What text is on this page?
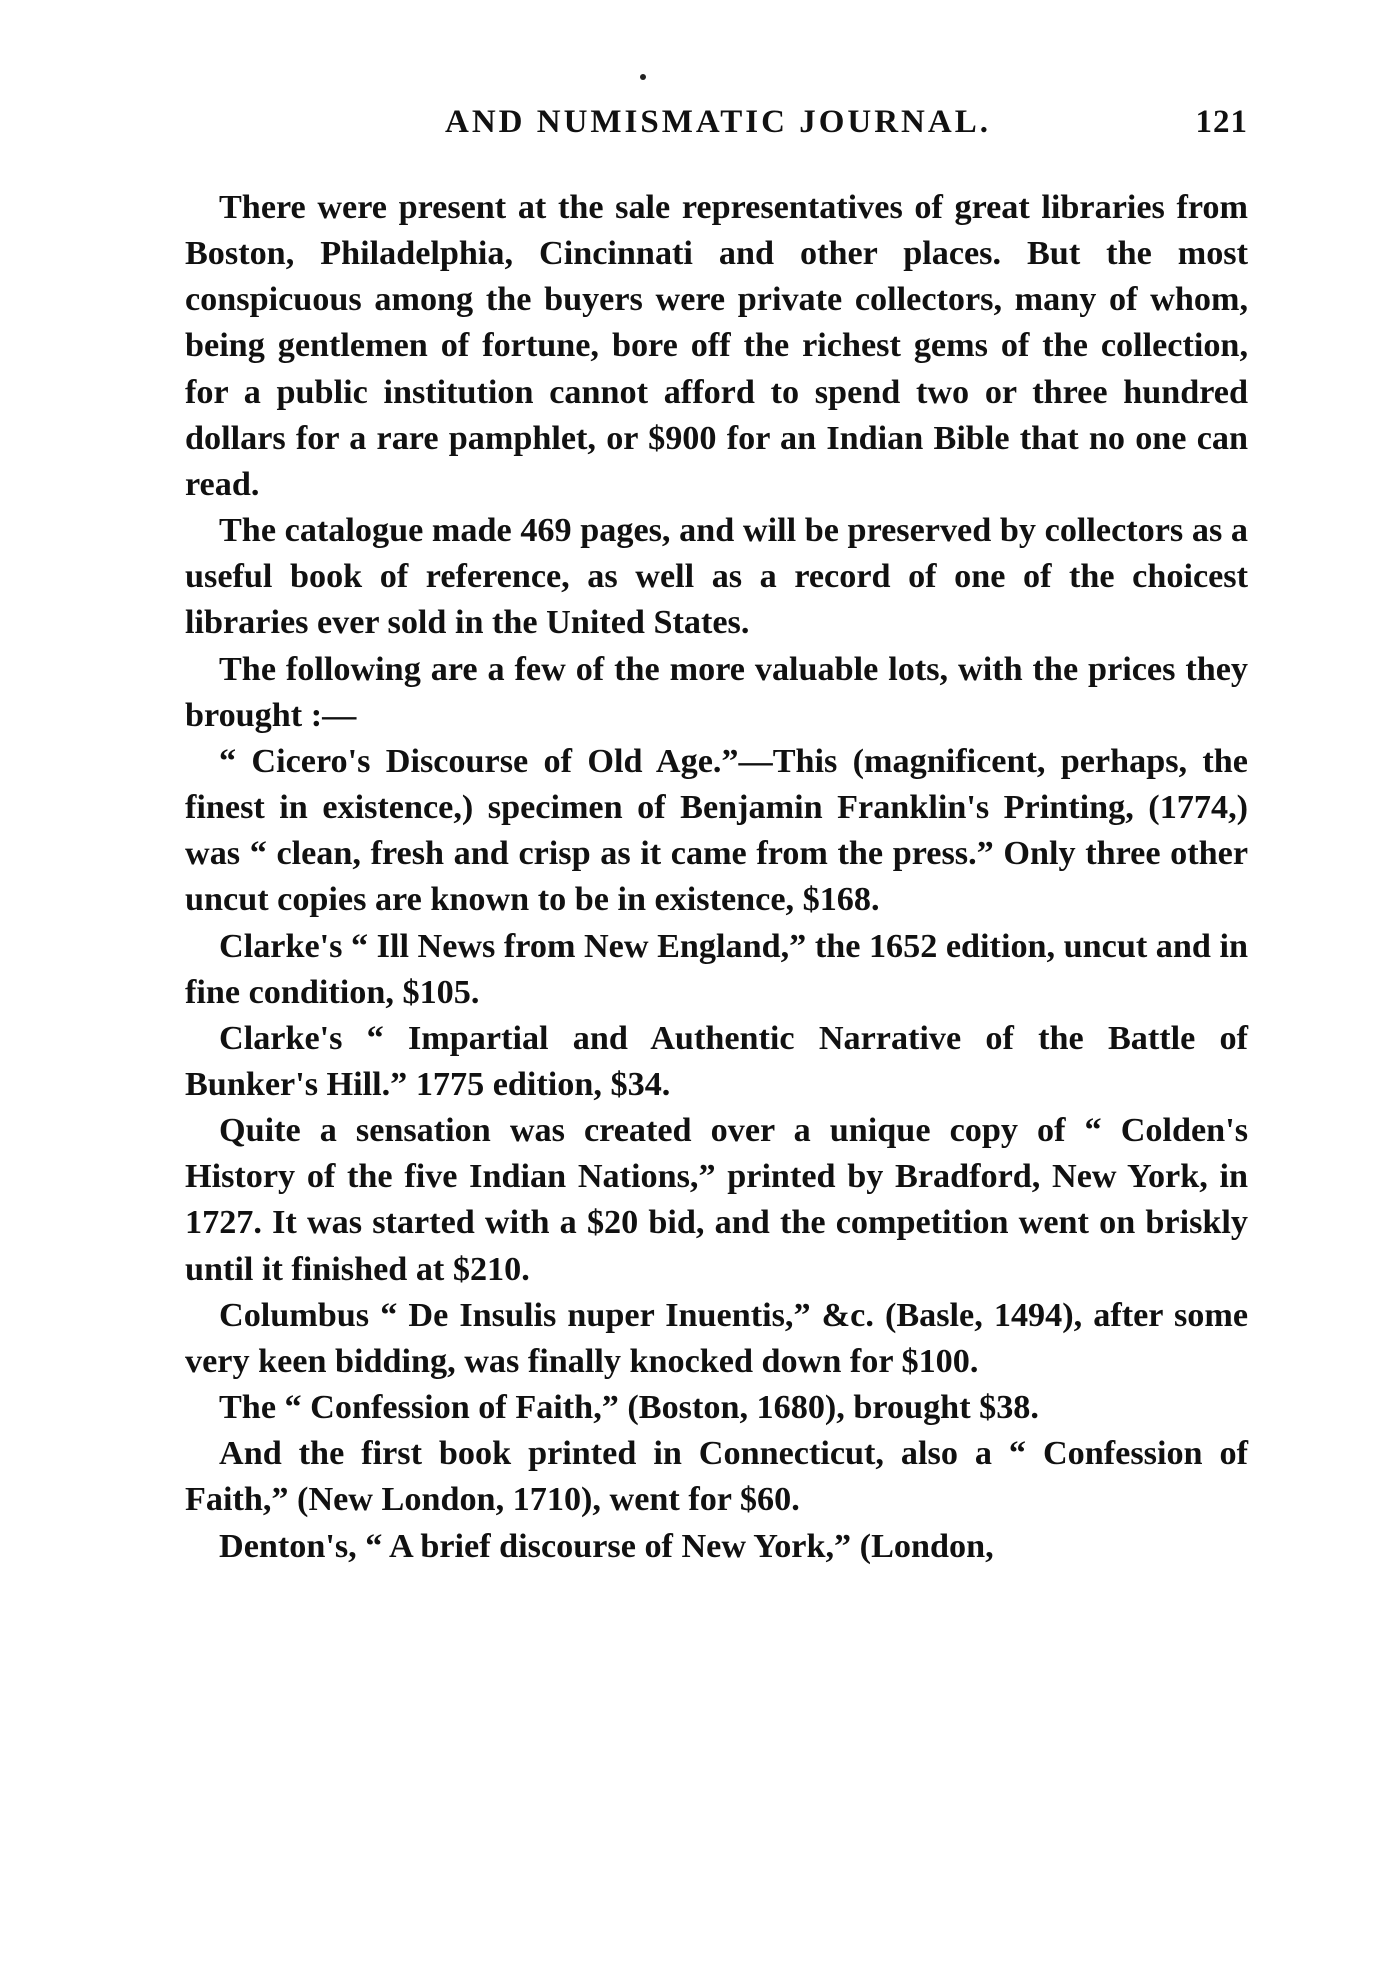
AND NUMISMATIC JOURNAL.	121

There were present at the sale representatives of great libraries from Boston, Philadelphia, Cincinnati and other places. But the most conspicuous among the buyers were private collectors, many of whom, being gentlemen of fortune, bore off the richest gems of the collection, for a public institution cannot afford to spend two or three hundred dollars for a rare pamphlet, or $900 for an Indian Bible that no one can read.

The catalogue made 469 pages, and will be preserved by collectors as a useful book of reference, as well as a record of one of the choicest libraries ever sold in the United States.

The following are a few of the more valuable lots, with the prices they brought :—

“ Cicero's Discourse of Old Age.”—This (magnificent, perhaps, the finest in existence,) specimen of Benjamin Franklin's Printing, (1774,) was “ clean, fresh and crisp as it came from the press.” Only three other uncut copies are known to be in existence, $168.

Clarke's “ Ill News from New England,” the 1652 edition, uncut and in fine condition, $105.

Clarke's “ Impartial and Authentic Narrative of the Battle of Bunker's Hill.” 1775 edition, $34.

Quite a sensation was created over a unique copy of “ Colden's History of the five Indian Nations,” printed by Bradford, New York, in 1727. It was started with a $20 bid, and the competition went on briskly until it finished at $210.

Columbus “ De Insulis nuper Inuentis,” &c. (Basle, 1494), after some very keen bidding, was finally knocked down for $100.

The “ Confession of Faith,” (Boston, 1680), brought $38.

And the first book printed in Connecticut, also a “ Confession of Faith,” (New London, 1710), went for $60.

Denton's, “ A brief discourse of New York,” (London,
